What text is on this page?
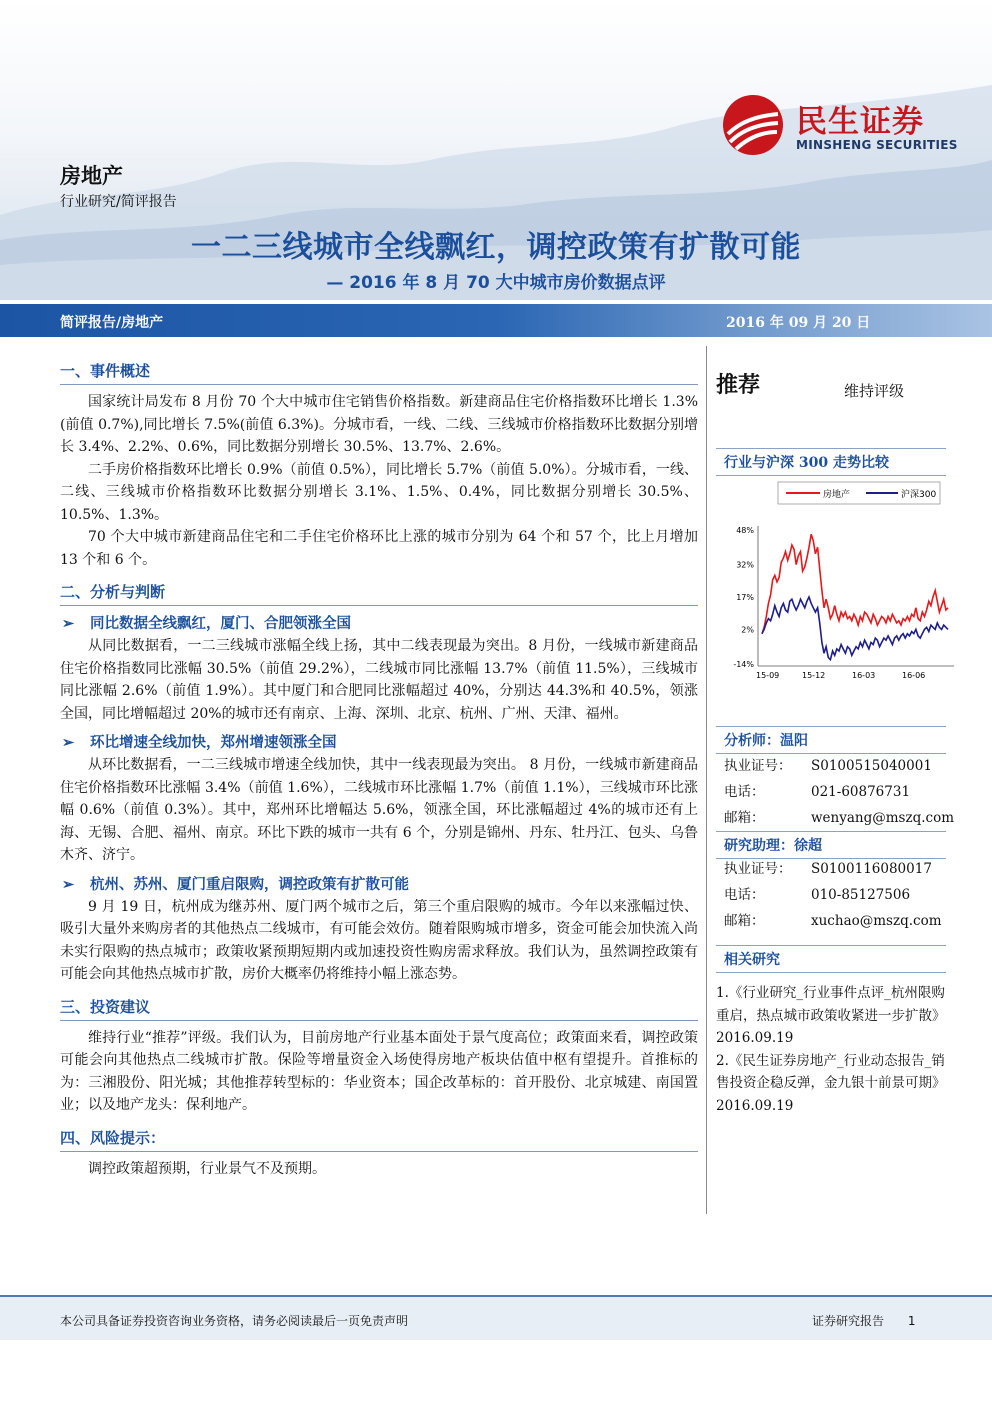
民生证券
MINSHENG SECURITIES
房地产
行业研究/简评报告
一二三线城市全线飘红，调控政策有扩散可能
— 2016 年 8 月 70 大中城市房价数据点评
简评报告/房地产	2016 年 09 月 20 日
一、事件概述
国家统计局发布 8 月份 70 个大中城市住宅销售价格指数。新建商品住宅价格指数环比增长 1.3%(前值 0.7%),同比增长 7.5%(前值 6.3%)。分城市看，一线、二线、三线城市价格指数环比数据分别增长 3.4%、2.2%、0.6%，同比数据分别增长 30.5%、13.7%、2.6%。
二手房价格指数环比增长 0.9%（前值 0.5%），同比增长 5.7%（前值 5.0%）。分城市看，一线、二线、三线城市价格指数环比数据分别增长 3.1%、1.5%、0.4%，同比数据分别增长 30.5%、10.5%、1.3%。
70 个大中城市新建商品住宅和二手住宅价格环比上涨的城市分别为 64 个和 57 个，比上月增加 13 个和 6 个。
二、分析与判断
➢ 同比数据全线飘红，厦门、合肥领涨全国
从同比数据看，一二三线城市涨幅全线上扬，其中二线表现最为突出。8 月份，一线城市新建商品住宅价格指数同比涨幅 30.5%（前值 29.2%），二线城市同比涨幅 13.7%（前值 11.5%），三线城市同比涨幅 2.6%（前值 1.9%）。其中厦门和合肥同比涨幅超过 40%，分别达 44.3%和 40.5%，领涨全国，同比增幅超过 20%的城市还有南京、上海、深圳、北京、杭州、广州、天津、福州。
➢ 环比增速全线加快，郑州增速领涨全国
从环比数据看，一二三线城市增速全线加快，其中一线表现最为突出。 8 月份，一线城市新建商品住宅价格指数环比涨幅 3.4%（前值 1.6%），二线城市环比涨幅 1.7%（前值 1.1%），三线城市环比涨幅 0.6%（前值 0.3%）。其中，郑州环比增幅达 5.6%，领涨全国，环比涨幅超过 4%的城市还有上海、无锡、合肥、福州、南京。环比下跌的城市一共有 6 个，分别是锦州、丹东、牡丹江、包头、乌鲁木齐、济宁。
➢ 杭州、苏州、厦门重启限购，调控政策有扩散可能
9 月 19 日，杭州成为继苏州、厦门两个城市之后，第三个重启限购的城市。今年以来涨幅过快、吸引大量外来购房者的其他热点二线城市，有可能会效仿。随着限购城市增多，资金可能会加快流入尚未实行限购的热点城市；政策收紧预期短期内或加速投资性购房需求释放。我们认为，虽然调控政策有可能会向其他热点城市扩散，房价大概率仍将维持小幅上涨态势。
三、投资建议
维持行业“推荐”评级。我们认为，目前房地产行业基本面处于景气度高位；政策面来看，调控政策可能会向其他热点二线城市扩散。保险等增量资金入场使得房地产板块估值中枢有望提升。首推标的为：三湘股份、阳光城；其他推荐转型标的：华业资本；国企改革标的：首开股份、北京城建、南国置业；以及地产龙头：保利地产。
四、风险提示：
调控政策超预期，行业景气不及预期。
推荐	维持评级
行业与沪深 300 走势比较
房地产	沪深300
48%
32%
17%
2%
-14%
15-09	15-12	16-03	16-06
分析师：温阳
执业证号： S0100515040001
电话：	021-60876731
邮箱：	wenyang@mszq.com
研究助理：徐超
执业证号： S0100116080017
电话：	010-85127506
邮箱：	xuchao@mszq.com
相关研究
1.《行业研究_行业事件点评_杭州限购重启，热点城市政策收紧进一步扩散》
2016.09.19
2.《民生证券房地产_行业动态报告_销售投资企稳反弹，金九银十前景可期》
2016.09.19
本公司具备证券投资咨询业务资格，请务必阅读最后一页免责声明	证券研究报告 1
